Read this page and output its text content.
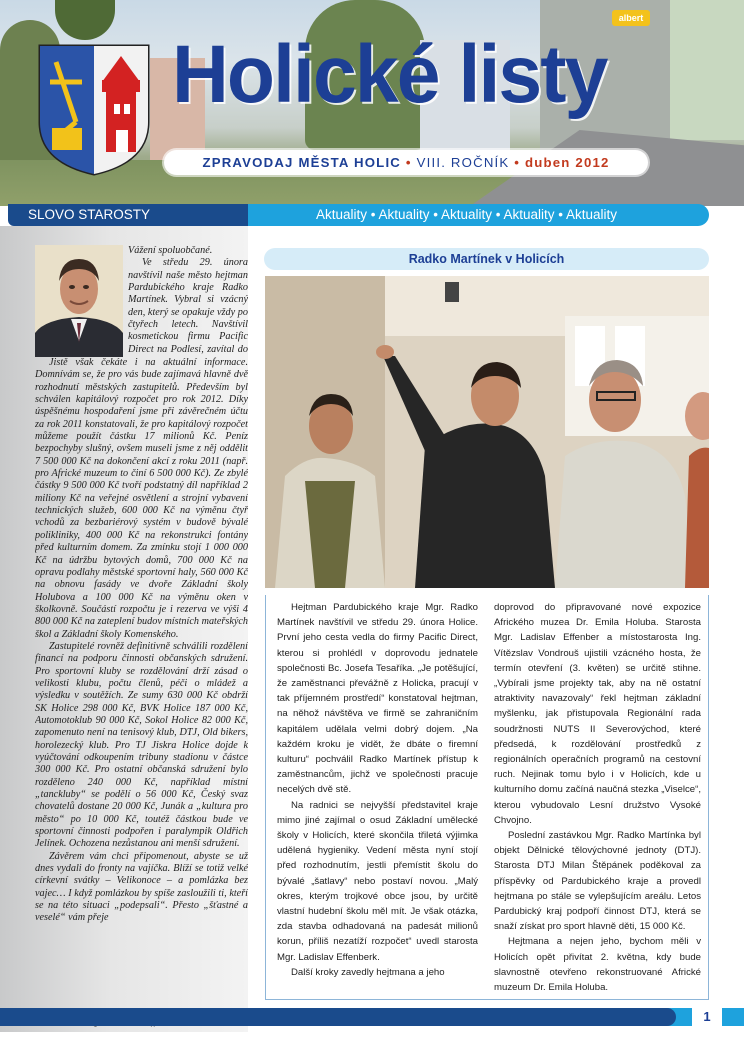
albert
Holické listy
ZPRAVODAJ MĚSTA HOLIC • VIII. ROČNÍK • duben 2012
SLOVO STAROSTY	Aktuality • Aktuality • Aktuality • Aktuality • Aktuality

Vážení spoluobčané.

Ve středu 29. února navštívil naše město hejtman Pardubického kraje Radko Martínek. Vybral si vzácný den, který se opakuje vždy po čtyřech letech. Navštívil kosmetickou firmu Pacific Direct na Podlesí, zavítal do

Jistě však čekáte i na aktuální informace. Domnívám se, že pro vás bude zajímavá hlavně dvě rozhodnutí městských zastupitelů. Především byl schválen kapitálový rozpočet pro rok 2012. Díky úspěšnému hospodaření jsme při závěrečném účtu za rok 2011 konstatovali, že pro kapitálový rozpočet můžeme použít částku 17 milionů Kč. Peníz bezpochyby slušný, ovšem museli jsme z něj oddělit 7 500 000 Kč na dokončení akcí z roku 2011 (např. pro Africké muzeum to činí 6 500 000 Kč). Ze zbylé částky 9 500 000 Kč tvoří podstatný díl například 2 miliony Kč na veřejné osvětlení a strojní vybavení technických služeb, 600 000 Kč na výměnu čtyř vchodů za bezbariérový systém v budově bývalé polikliniky, 400 000 Kč na rekonstrukci fontány před kulturním domem. Za zmínku stojí 1 000 000 Kč na údržbu bytových domů, 700 000 Kč na opravu podlahy městské sportovní haly, 560 000 Kč na obnovu fasády ve dvoře Základní školy Holubova a 100 000 Kč na výměnu oken v školkovně. Součástí rozpočtu je i rezerva ve výši 4 800 000 Kč na zateplení budov místních mateřských škol a Základní školy Komenského.

Zastupitelé rovněž definitivně schválili rozdělení financí na podporu činnosti občanských sdružení. Pro sportovní kluby se rozdělování drží zásad o velikosti klubu, počtu členů, péči o mládež a výsledku v soutěžích. Ze sumy 630 000 Kč obdrží SK Holice 298 000 Kč, BVK Holice 187 000 Kč, Automotoklub 90 000 Kč, Sokol Holice 82 000 Kč, zapomenuto není na tenisový klub, DTJ, Old bikers, horolezecký klub. Pro TJ Jiskra Holice dojde k vyúčtování odkoupením tribuny stadionu v částce 300 000 Kč. Pro ostatní občanská sdružení bylo rozděleno 240 000 Kč, například místní „tanckluby“ se podělí o 56 000 Kč, Český svaz chovatelů dostane 20 000 Kč, Junák a „kultura pro město“ po 10 000 Kč, toutéž částkou bude ve sportovní činnosti podpořen i paralympik Oldřich Jelínek. Ochozena nezůstanou ani menší sdružení.

Závěrem vám chci připomenout, abyste se už dnes vydali do fronty na vajíčka. Blíží se totiž velké církevní svátky – Velikonoce – a pomlázka bez vajec… I když pomlázkou by spíše zasloužili ti, kteří se na této situaci „podepsali“. Přesto „šťastné a veselé“ vám přeje

Radko Martínek v Holicích

Hejtman Pardubického kraje Mgr. Radko Martínek navštívil ve středu 29. února Holice. První jeho cesta vedla do firmy Pacific Direct, kterou si prohlédl v doprovodu jednatele společnosti Bc. Josefa Tesaříka. „Je potěšující, že zaměstnanci převážně z Holicka, pracují v tak příjemném prostředí“ konstatoval hejtman, na něhož návštěva ve firmě se zahraničním kapitálem udělala velmi dobrý dojem. „Na každém kroku je vidět, že dbáte o firemní kulturu“ pochválil Radko Martínek přístup k zaměstnancům, jichž ve společnosti pracuje necelých dvě stě.

Na radnici se nejvyšší představitel kraje mimo jiné zajímal o osud Základní umělecké školy v Holicích, které skončila třiletá výjimka udělená hygieniky. Vedení města nyní stojí před rozhodnutím, jestli přemístit školu do bývalé „šatlavy“ nebo postaví novou. „Malý okres, kterým trojkové obce jsou, by určitě vlastní hudební školu měl mít. Je však otázka, zda stavba odhadovaná na padesát milionů korun, příliš nezatíží rozpočet“ uvedl starosta Mgr. Ladislav Effenberk.

Další kroky zavedly hejtmana a jeho

doprovod do připravované nové expozice Afrického muzea Dr. Emila Holuba. Starosta Mgr. Ladislav Effenber a místostarosta Ing. Vítězslav Vondrouš ujistili vzácného hosta, že termín otevření (3. květen) se určitě stihne. „Vybírali jsme projekty tak, aby na ně ostatní atraktivity navazovaly“ řekl hejtman základní myšlenku, jak přistupovala Regionální rada soudržnosti NUTS II Severovýchod, které předsedá, k rozdělování prostředků z regionálních operačních programů na cestovní ruch. Nejinak tomu bylo i v Holicích, kde u kulturního domu začíná naučná stezka „Viselce“, kterou vybudovalo Lesní družstvo Vysoké Chvojno.

Poslední zastávkou Mgr. Radko Martínka byl objekt Dělnické tělovýchovné jednoty (DTJ). Starosta DTJ Milan Štěpánek poděkoval za příspěvky od Pardubického kraje a provedl hejtmana po stále se vylepšujícím areálu. Letos Pardubický kraj podpoří činnost DTJ, která se snaží získat pro sport hlavně děti, 15 000 Kč.

Hejtmana a nejen jeho, bychom měli v Holicích opět přivítat 2. května, kdy bude slavnostně otevřeno rekonstruované Africké muzeum Dr. Emila Holuba.

1
